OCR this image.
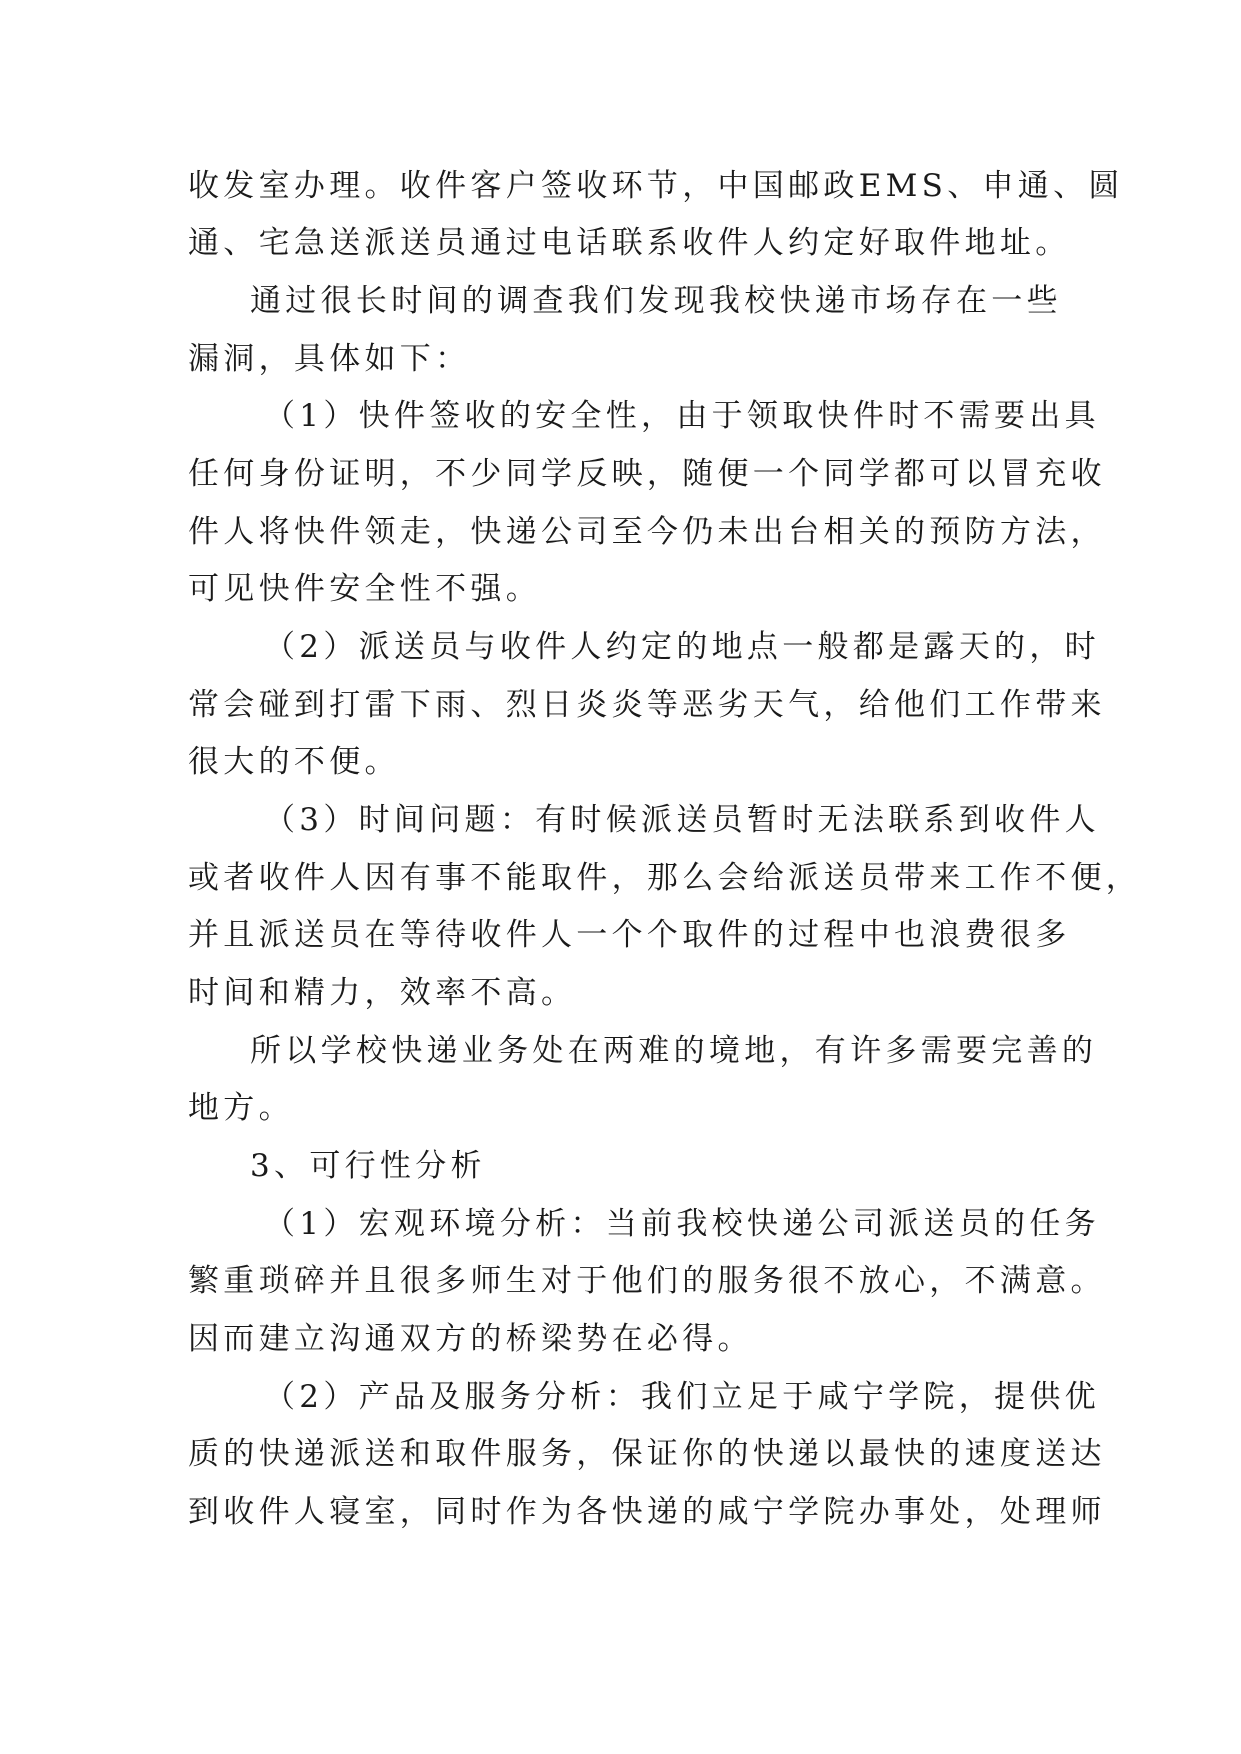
收发室办理。收件客户签收环节，中国邮政EMS、申通、圆
通、宅急送派送员通过电话联系收件人约定好取件地址。
通过很长时间的调查我们发现我校快递市场存在一些
漏洞，具体如下：
（1）快件签收的安全性，由于领取快件时不需要出具
任何身份证明，不少同学反映，随便一个同学都可以冒充收
件人将快件领走，快递公司至今仍未出台相关的预防方法，
可见快件安全性不强。
（2）派送员与收件人约定的地点一般都是露天的，时
常会碰到打雷下雨、烈日炎炎等恶劣天气，给他们工作带来
很大的不便。
（3）时间问题：有时候派送员暂时无法联系到收件人
或者收件人因有事不能取件，那么会给派送员带来工作不便，
并且派送员在等待收件人一个个取件的过程中也浪费很多
时间和精力，效率不高。
所以学校快递业务处在两难的境地，有许多需要完善的
地方。
3、可行性分析
（1）宏观环境分析：当前我校快递公司派送员的任务
繁重琐碎并且很多师生对于他们的服务很不放心，不满意。
因而建立沟通双方的桥梁势在必得。
（2）产品及服务分析：我们立足于咸宁学院，提供优
质的快递派送和取件服务，保证你的快递以最快的速度送达
到收件人寝室，同时作为各快递的咸宁学院办事处，处理师
